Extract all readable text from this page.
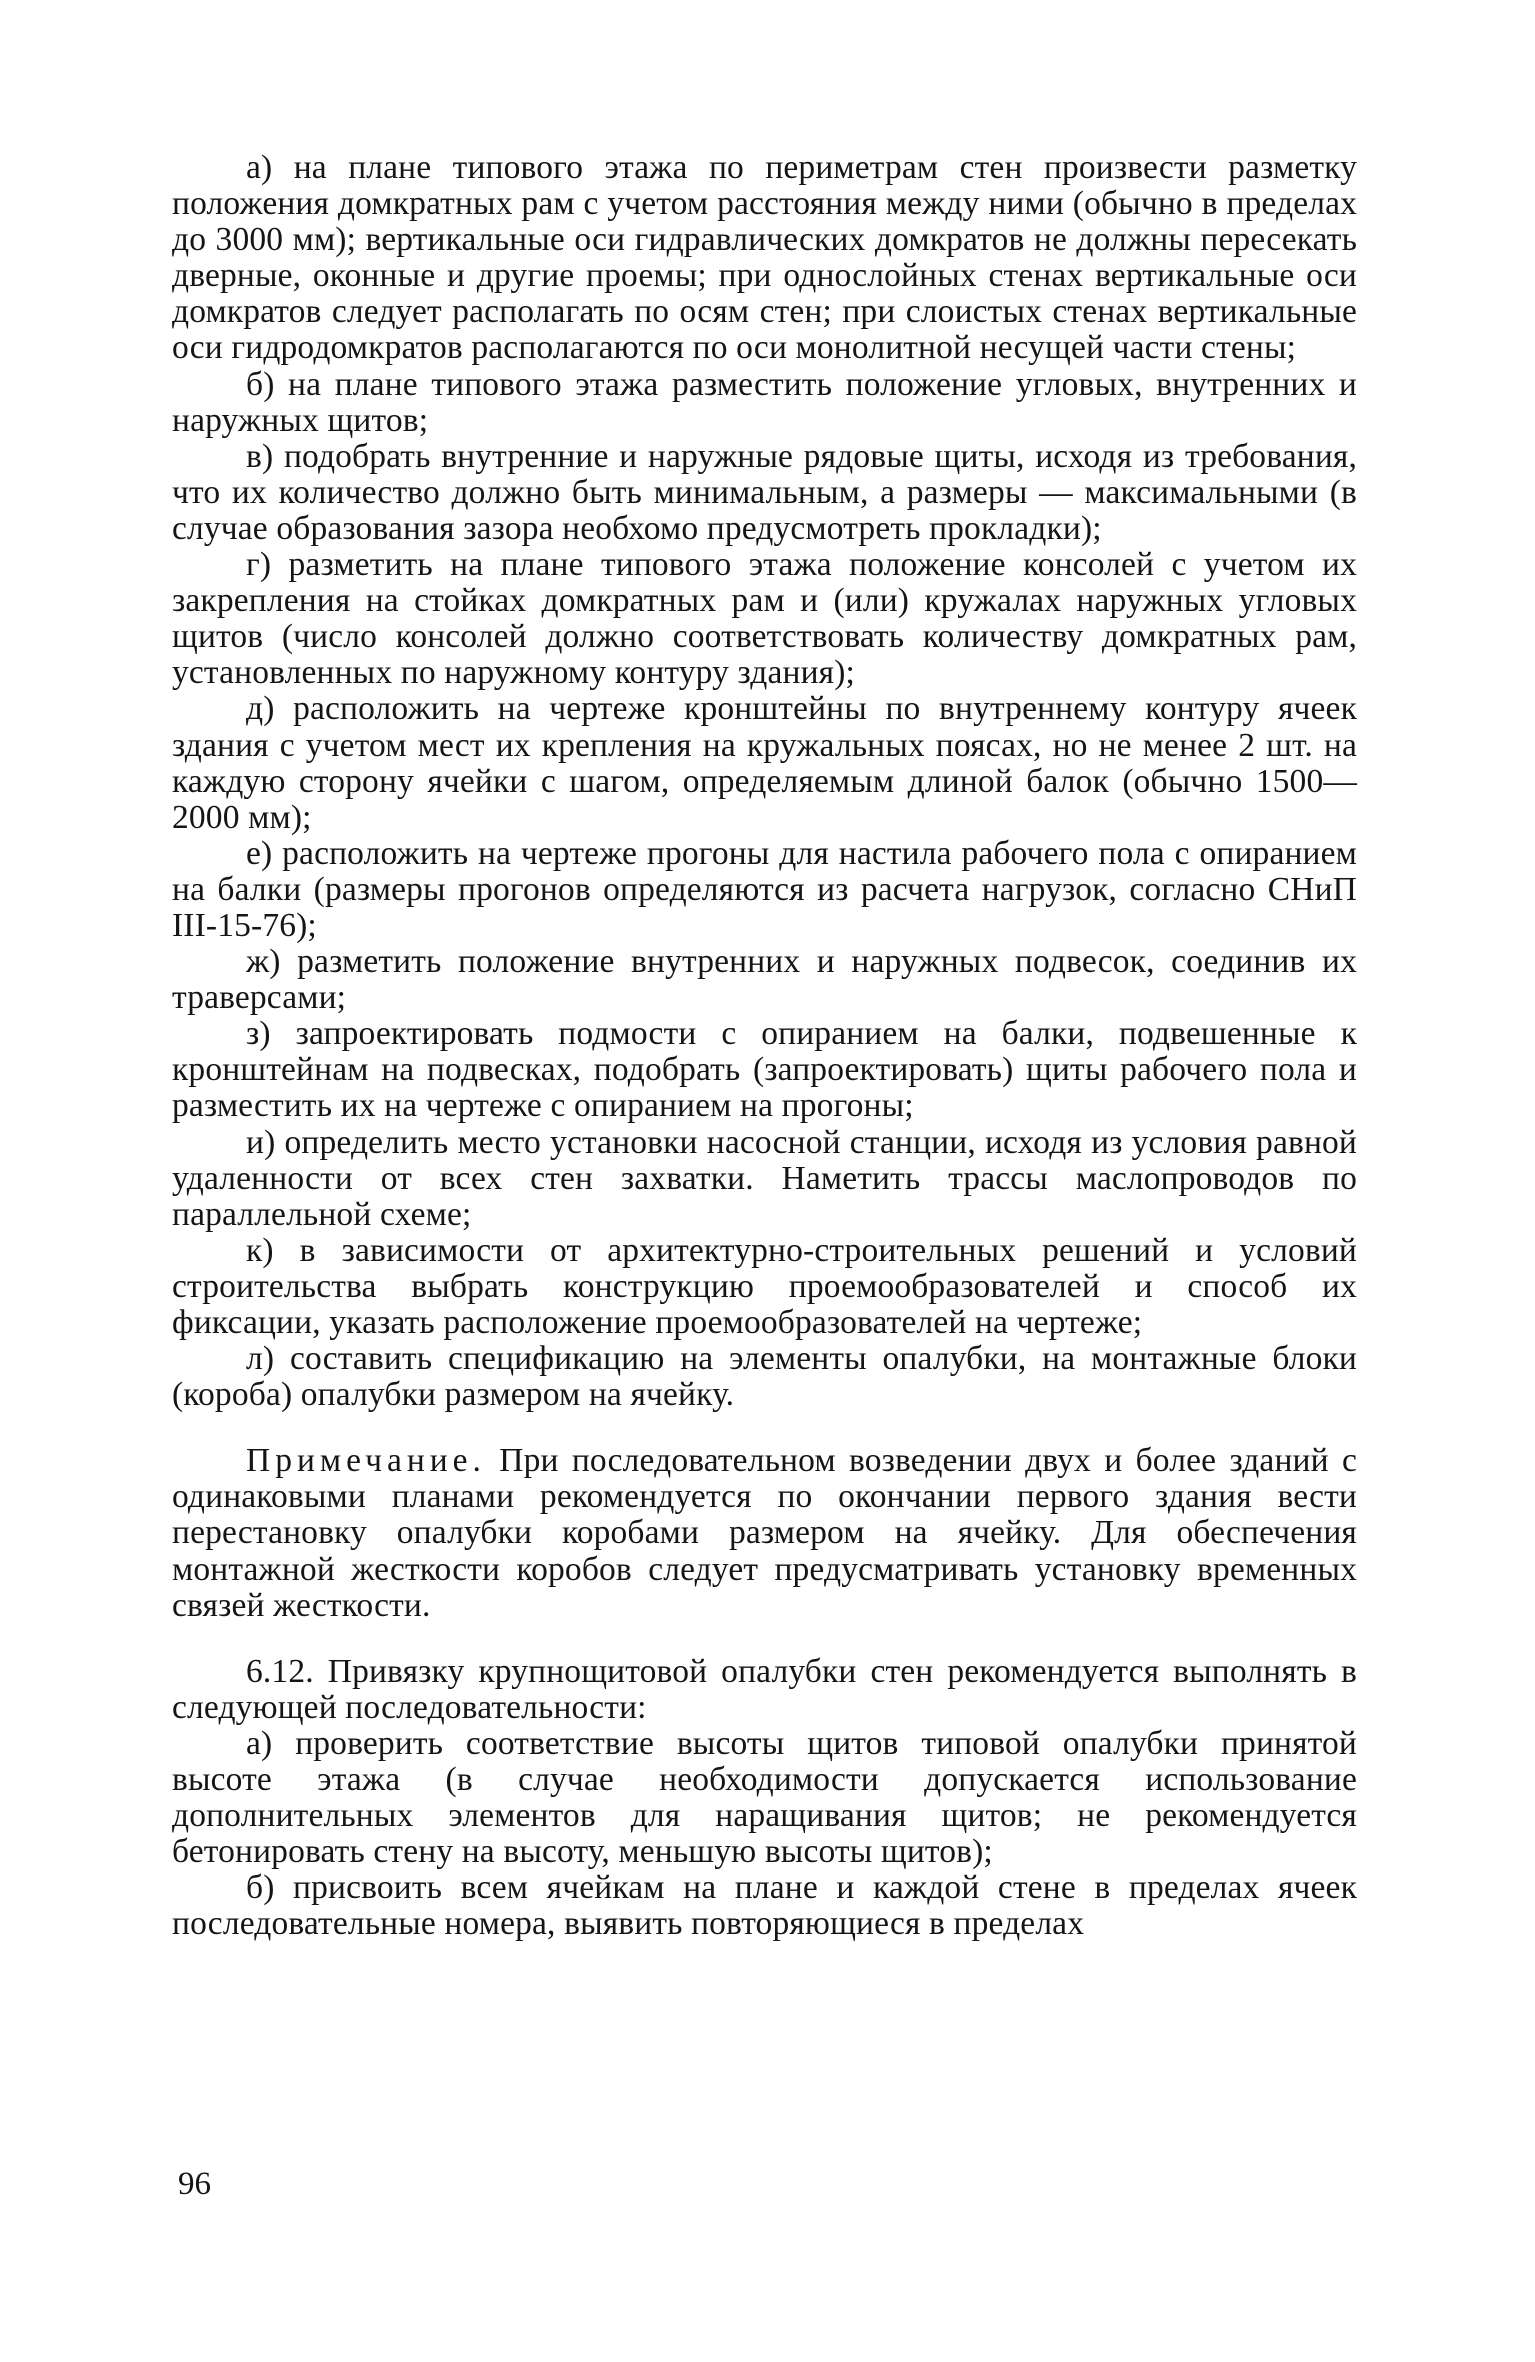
а) на плане типового этажа по периметрам стен произвести разметку положения домкратных рам с учетом расстояния между ними (обычно в пределах до 3000 мм); вертикальные оси гидравлических домкратов не должны пересекать дверные, оконные и другие проемы; при однослойных стенах вертикальные оси домкратов следует располагать по осям стен; при слоистых стенах вертикальные оси гидродомкратов располагаются по оси монолитной несущей части стены;

б) на плане типового этажа разместить положение угловых, внутренних и наружных щитов;

в) подобрать внутренние и наружные рядовые щиты, исходя из требования, что их количество должно быть минимальным, а размеры — максимальными (в случае образования зазора необхомо предусмотреть прокладки);

г) разметить на плане типового этажа положение консолей с учетом их закрепления на стойках домкратных рам и (или) кружалах наружных угловых щитов (число консолей должно соответствовать количеству домкратных рам, установленных по наружному контуру здания);

д) расположить на чертеже кронштейны по внутреннему контуру ячеек здания с учетом мест их крепления на кружальных поясах, но не менее 2 шт. на каждую сторону ячейки с шагом, определяемым длиной балок (обычно 1500—2000 мм);

е) расположить на чертеже прогоны для настила рабочего пола с опиранием на балки (размеры прогонов определяются из расчета нагрузок, согласно СНиП III-15-76);

ж) разметить положение внутренних и наружных подвесок, соединив их траверсами;

з) запроектировать подмости с опиранием на балки, подвешенные к кронштейнам на подвесках, подобрать (запроектировать) щиты рабочего пола и разместить их на чертеже с опиранием на прогоны;

и) определить место установки насосной станции, исходя из условия равной удаленности от всех стен захватки. Наметить трассы маслопроводов по параллельной схеме;

к) в зависимости от архитектурно-строительных решений и условий строительства выбрать конструкцию проемообразователей и способ их фиксации, указать расположение проемообразователей на чертеже;

л) составить спецификацию на элементы опалубки, на монтажные блоки (короба) опалубки размером на ячейку.

Примечание. При последовательном возведении двух и более зданий с одинаковыми планами рекомендуется по окончании первого здания вести перестановку опалубки коробами размером на ячейку. Для обеспечения монтажной жесткости коробов следует предусматривать установку временных связей жесткости.

6.12. Привязку крупнощитовой опалубки стен рекомендуется выполнять в следующей последовательности:

а) проверить соответствие высоты щитов типовой опалубки принятой высоте этажа (в случае необходимости допускается использование дополнительных элементов для наращивания щитов; не рекомендуется бетонировать стену на высоту, меньшую высоты щитов);

б) присвоить всем ячейкам на плане и каждой стене в пределах ячеек последовательные номера, выявить повторяющиеся в пределах

96
